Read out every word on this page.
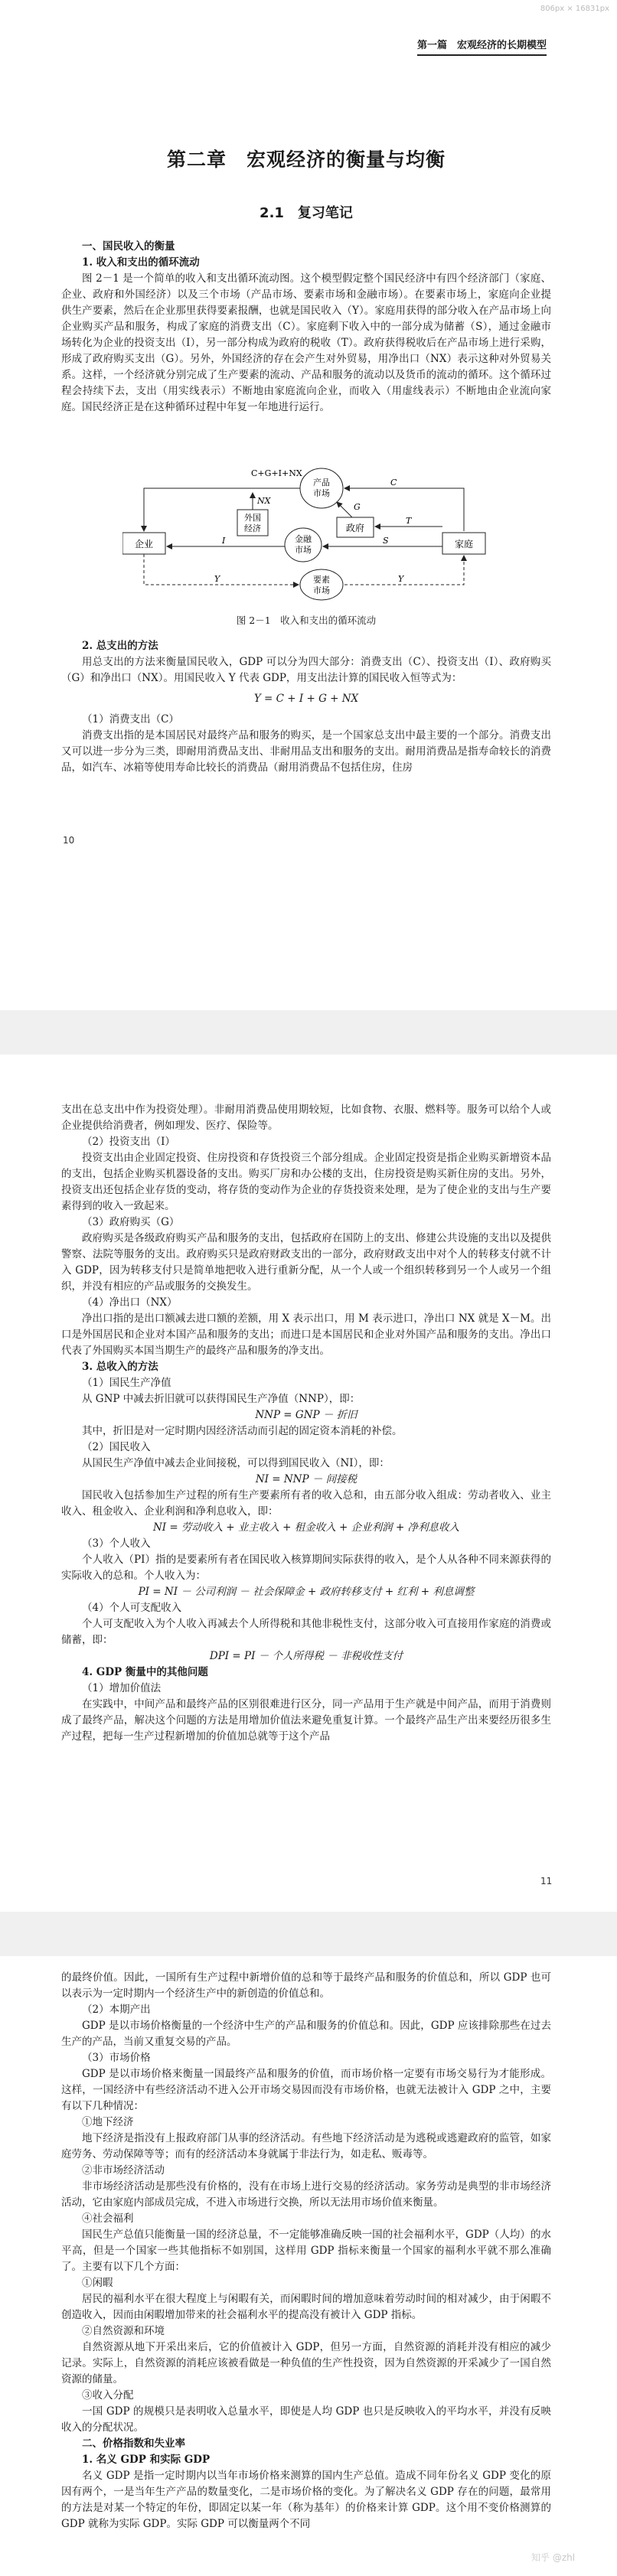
806px × 16831px
第一篇　宏观经济的长期模型

第二章　宏观经济的衡量与均衡

2.1　复习笔记

一、国民收入的衡量

1. 收入和支出的循环流动

图 2－1 是一个简单的收入和支出循环流动图。这个模型假定整个国民经济中有四个经济部门（家庭、企业、政府和外国经济）以及三个市场（产品市场、要素市场和金融市场）。在要素市场上，家庭向企业提供生产要素，然后在企业那里获得要素报酬，也就是国民收入（Y）。家庭用获得的部分收入在产品市场上向企业购买产品和服务，构成了家庭的消费支出（C）。家庭剩下收入中的一部分成为储蓄（S），通过金融市场转化为企业的投资支出（I），另一部分构成为政府的税收（T）。政府获得税收后在产品市场上进行采购，形成了政府购买支出（G）。另外，外国经济的存在会产生对外贸易，用净出口（NX）表示这种对外贸易关系。这样，一个经济就分别完成了生产要素的流动、产品和服务的流动以及货币的流动的循环。这个循环过程会持续下去，支出（用实线表示）不断地由家庭流向企业，而收入（用虚线表示）不断地由企业流向家庭。国民经济正是在这种循环过程中年复一年地进行运行。

产品
市场
C+G+I+NX
外国
经济	政府
企业	家庭
金融
市场
要素
市场
C
NX
G
T
S
I
Y	Y

图 2－1　收入和支出的循环流动

2. 总支出的方法

用总支出的方法来衡量国民收入，GDP 可以分为四大部分：消费支出（C）、投资支出（I）、政府购买（G）和净出口（NX）。用国民收入 Y 代表 GDP，用支出法计算的国民收入恒等式为：

Y = C + I + G + NX

（1）消费支出（C）

消费支出指的是本国居民对最终产品和服务的购买，是一个国家总支出中最主要的一个部分。消费支出又可以进一步分为三类，即耐用消费品支出、非耐用品支出和服务的支出。耐用消费品是指寿命较长的消费品，如汽车、冰箱等使用寿命比较长的消费品（耐用消费品不包括住房，住房

10

支出在总支出中作为投资处理）。非耐用消费品使用期较短，比如食物、衣服、燃料等。服务可以给个人或企业提供给消费者，例如理发、医疗、保险等。

（2）投资支出（I）

投资支出由企业固定投资、住房投资和存货投资三个部分组成。企业固定投资是指企业购买新增资本品的支出，包括企业购买机器设备的支出。购买厂房和办公楼的支出，住房投资是购买新住房的支出。另外，投资支出还包括企业存货的变动，将存货的变动作为企业的存货投资来处理，是为了使企业的支出与生产要素得到的收入一致起来。

（3）政府购买（G）

政府购买是各级政府购买产品和服务的支出，包括政府在国防上的支出、修建公共设施的支出以及提供警察、法院等服务的支出。政府购买只是政府财政支出的一部分，政府财政支出中对个人的转移支付就不计入 GDP，因为转移支付只是简单地把收入进行重新分配，从一个人或一个组织转移到另一个人或另一个组织，并没有相应的产品或服务的交换发生。

（4）净出口（NX）

净出口指的是出口额减去进口额的差额，用 X 表示出口，用 M 表示进口，净出口 NX 就是 X－M。出口是外国居民和企业对本国产品和服务的支出；而进口是本国居民和企业对外国产品和服务的支出。净出口代表了外国购买本国当期生产的最终产品和服务的净支出。

3. 总收入的方法

（1）国民生产净值

从 GNP 中减去折旧就可以获得国民生产净值（NNP），即：

NNP = GNP － 折旧

其中，折旧是对一定时期内因经济活动而引起的固定资本消耗的补偿。

（2）国民收入

从国民生产净值中减去企业间接税，可以得到国民收入（NI），即：

NI = NNP － 间接税

国民收入包括参加生产过程的所有生产要素所有者的收入总和，由五部分收入组成：劳动者收入、业主收入、租金收入、企业利润和净利息收入，即：

NI = 劳动收入 + 业主收入 + 租金收入 + 企业利润 + 净利息收入

（3）个人收入

个人收入（PI）指的是要素所有者在国民收入核算期间实际获得的收入，是个人从各种不同来源获得的实际收入的总和。个人收入为：

PI = NI － 公司利润 － 社会保障金 + 政府转移支付 + 红利 + 利息调整

（4）个人可支配收入

个人可支配收入为个人收入再减去个人所得税和其他非税性支付，这部分收入可直接用作家庭的消费或储蓄，即：

DPI = PI － 个人所得税 － 非税收性支付

4. GDP 衡量中的其他问题

（1）增加价值法

在实践中，中间产品和最终产品的区别很难进行区分，同一产品用于生产就是中间产品，而用于消费则成了最终产品，解决这个问题的方法是用增加价值法来避免重复计算。一个最终产品生产出来要经历很多生产过程，把每一生产过程新增加的价值加总就等于这个产品

11

的最终价值。因此，一国所有生产过程中新增价值的总和等于最终产品和服务的价值总和，所以 GDP 也可以表示为一定时期内一个经济生产中的新创造的价值总和。

（2）本期产出

GDP 是以市场价格衡量的一个经济中生产的产品和服务的价值总和。因此，GDP 应该排除那些在过去生产的产品，当前又重复交易的产品。

（3）市场价格

GDP 是以市场价格来衡量一国最终产品和服务的价值，而市场价格一定要有市场交易行为才能形成。这样，一国经济中有些经济活动不进入公开市场交易因而没有市场价格，也就无法被计入 GDP 之中，主要有以下几种情况：

①地下经济

地下经济是指没有上报政府部门从事的经济活动。有些地下经济活动是为逃税或逃避政府的监管，如家庭劳务、劳动保障等等；而有的经济活动本身就属于非法行为，如走私、贩毒等。

②非市场经济活动

非市场经济活动是那些没有价格的，没有在市场上进行交易的经济活动。家务劳动是典型的非市场经济活动，它由家庭内部成员完成，不进入市场进行交换，所以无法用市场价值来衡量。

④社会福利

国民生产总值只能衡量一国的经济总量，不一定能够准确反映一国的社会福利水平，GDP（人均）的水平高，但是一个国家一些其他指标不如别国，这样用 GDP 指标来衡量一个国家的福利水平就不那么准确了。主要有以下几个方面：

①闲暇

居民的福利水平在很大程度上与闲暇有关，而闲暇时间的增加意味着劳动时间的相对减少，由于闲暇不创造收入，因而由闲暇增加带来的社会福利水平的提高没有被计入 GDP 指标。

②自然资源和环境

自然资源从地下开采出来后，它的价值被计入 GDP，但另一方面，自然资源的消耗并没有相应的减少记录。实际上，自然资源的消耗应该被看做是一种负值的生产性投资，因为自然资源的开采减少了一国自然资源的储量。

③收入分配

一国 GDP 的规模只是表明收入总量水平，即使是人均 GDP 也只是反映收入的平均水平，并没有反映收入的分配状况。

二、价格指数和失业率

1. 名义 GDP 和实际 GDP

名义 GDP 是指一定时期内以当年市场价格来测算的国内生产总值。造成不同年份名义 GDP 变化的原因有两个，一是当年生产产品的数量变化，二是市场价格的变化。为了解决名义 GDP 存在的问题，最常用的方法是对某一个特定的年份，即固定以某一年（称为基年）的价格来计算 GDP。这个用不变价格测算的 GDP 就称为实际 GDP。实际 GDP 可以衡量两个不同

知乎 @zhl
